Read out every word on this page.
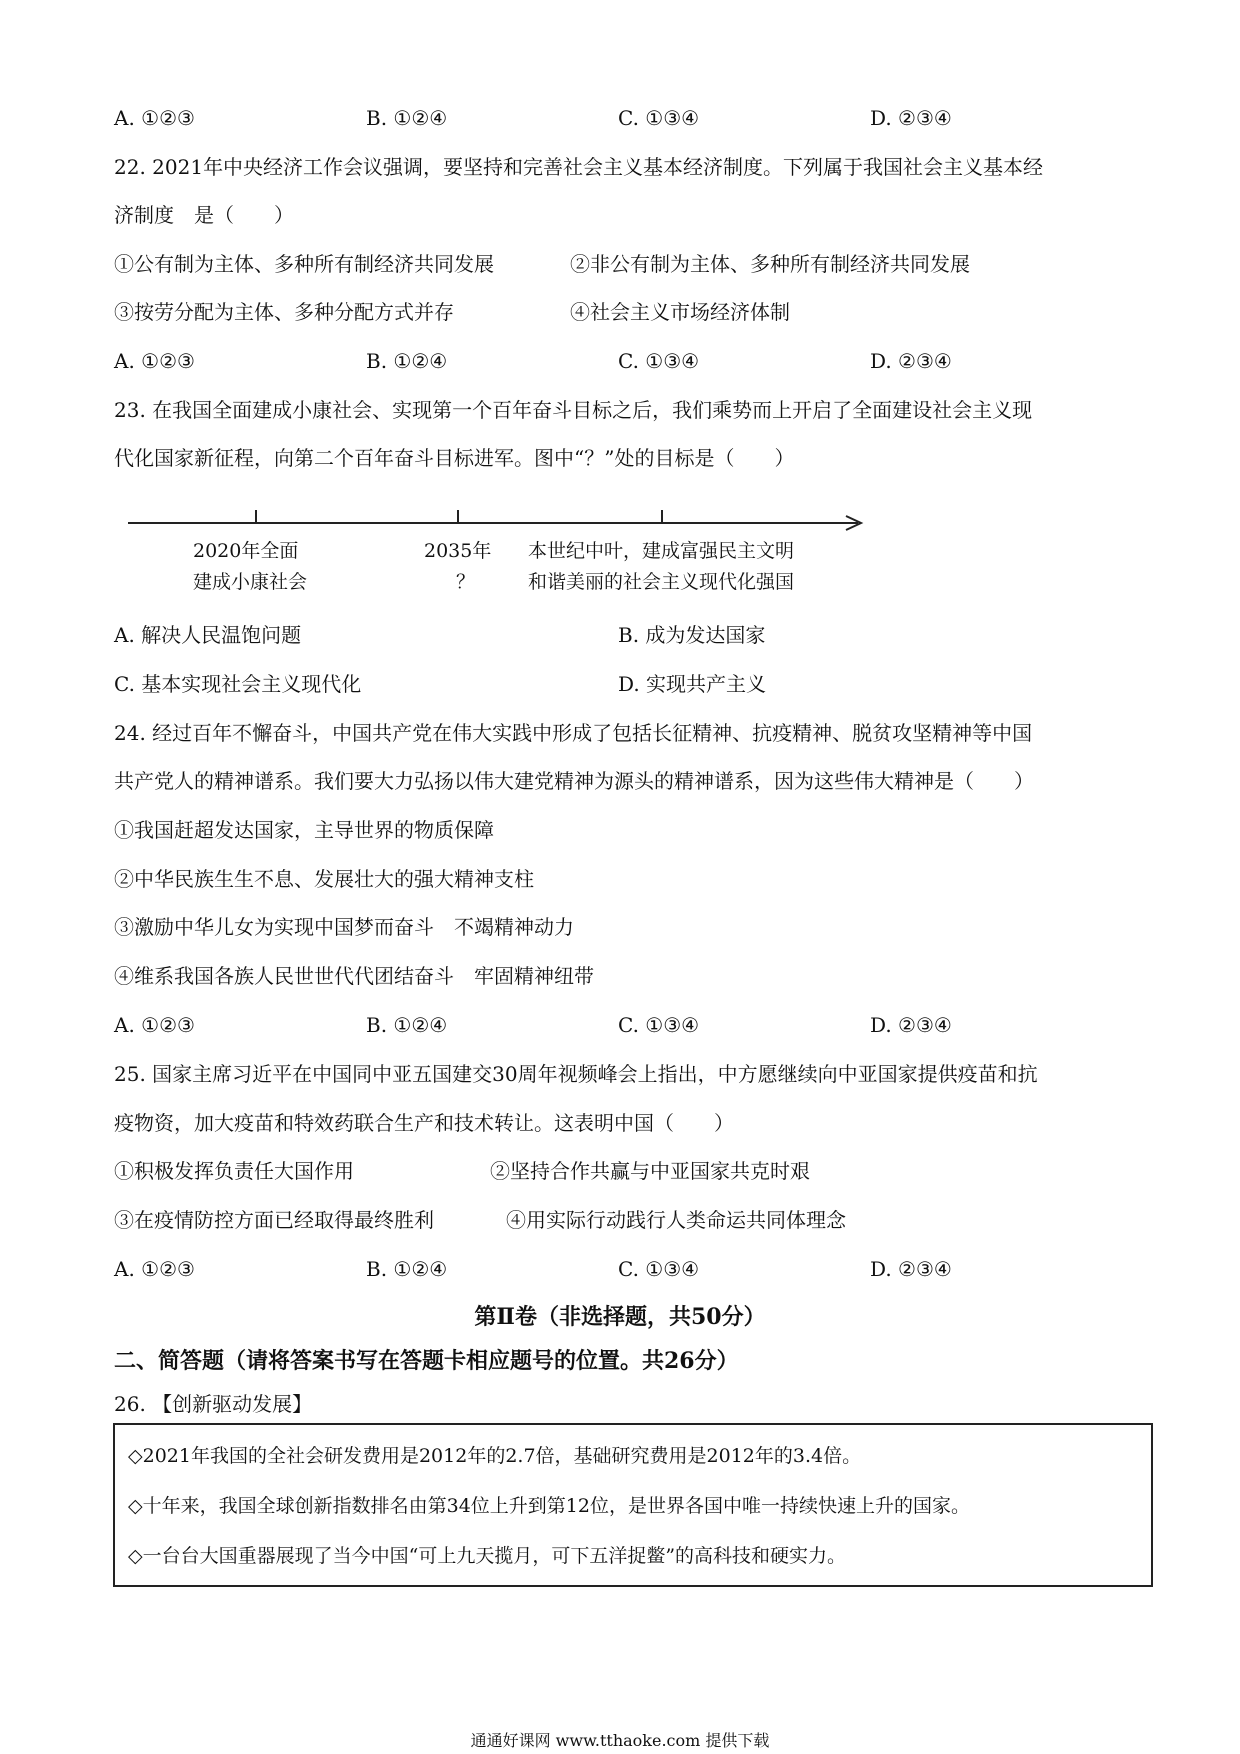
A. ①②③	B. ①②④	C. ①③④	D. ②③④
22. 2021年中央经济工作会议强调，要坚持和完善社会主义基本经济制度。下列属于我国社会主义基本经
济制度　是（　　）
①公有制为主体、多种所有制经济共同发展	②非公有制为主体、多种所有制经济共同发展
③按劳分配为主体、多种分配方式并存	④社会主义市场经济体制
A. ①②③	B. ①②④	C. ①③④	D. ②③④
23. 在我国全面建成小康社会、实现第一个百年奋斗目标之后，我们乘势而上开启了全面建设社会主义现
代化国家新征程，向第二个百年奋斗目标进军。图中“？”处的目标是（　　）
2020年全面
建成小康社会
2035年
？
本世纪中叶，建成富强民主文明
和谐美丽的社会主义现代化强国
A. 解决人民温饱问题	B. 成为发达国家
C. 基本实现社会主义现代化	D. 实现共产主义
24. 经过百年不懈奋斗，中国共产党在伟大实践中形成了包括长征精神、抗疫精神、脱贫攻坚精神等中国
共产党人的精神谱系。我们要大力弘扬以伟大建党精神为源头的精神谱系，因为这些伟大精神是（　　）
①我国赶超发达国家，主导世界的物质保障
②中华民族生生不息、发展壮大的强大精神支柱
③激励中华儿女为实现中国梦而奋斗　不竭精神动力
④维系我国各族人民世世代代团结奋斗　牢固精神纽带
A. ①②③	B. ①②④	C. ①③④	D. ②③④
25. 国家主席习近平在中国同中亚五国建交30周年视频峰会上指出，中方愿继续向中亚国家提供疫苗和抗
疫物资，加大疫苗和特效药联合生产和技术转让。这表明中国（　　）
①积极发挥负责任大国作用	②坚持合作共赢与中亚国家共克时艰
③在疫情防控方面已经取得最终胜利	④用实际行动践行人类命运共同体理念
A. ①②③	B. ①②④	C. ①③④	D. ②③④
第Ⅱ卷（非选择题，共50分）
二、简答题（请将答案书写在答题卡相应题号的位置。共26分）
26. 【创新驱动发展】
◇2021年我国的全社会研发费用是2012年的2.7倍，基础研究费用是2012年的3.4倍。
◇十年来，我国全球创新指数排名由第34位上升到第12位，是世界各国中唯一持续快速上升的国家。
◇一台台大国重器展现了当今中国“可上九天揽月，可下五洋捉鳖”的高科技和硬实力。
通通好课网 www.tthaoke.com 提供下载
